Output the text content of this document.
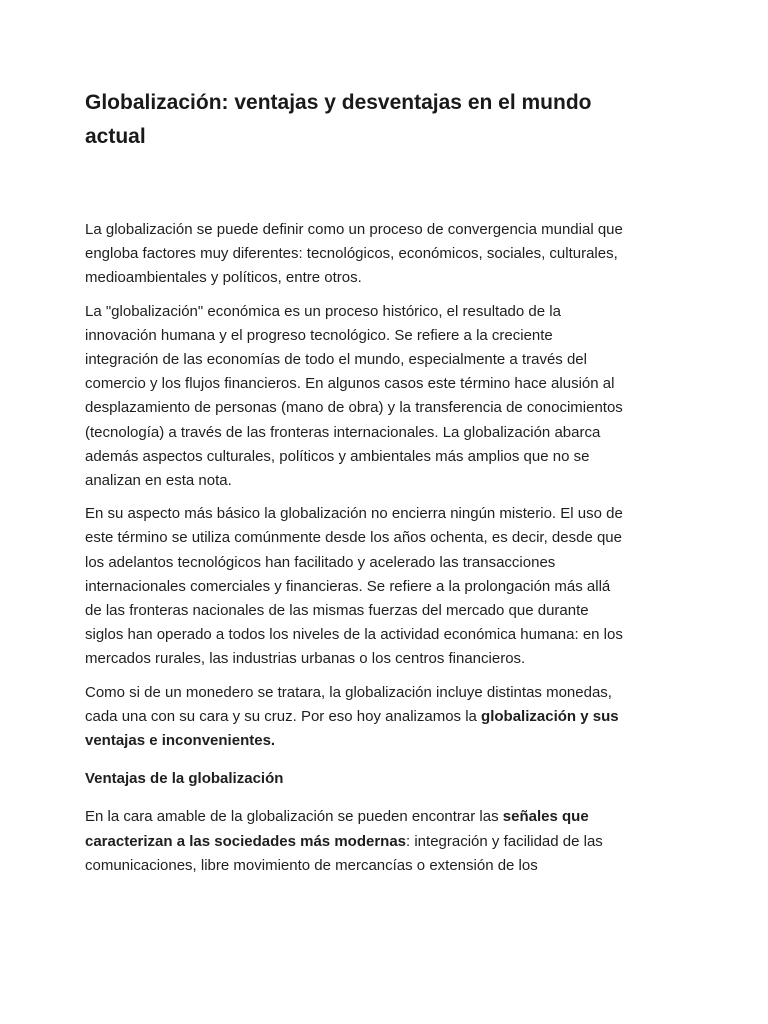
Globalización: ventajas y desventajas en el mundo actual

La globalización se puede definir como un proceso de convergencia mundial que engloba factores muy diferentes: tecnológicos, económicos, sociales, culturales, medioambientales y políticos, entre otros.

La "globalización" económica es un proceso histórico, el resultado de la innovación humana y el progreso tecnológico. Se refiere a la creciente integración de las economías de todo el mundo, especialmente a través del comercio y los flujos financieros. En algunos casos este término hace alusión al desplazamiento de personas (mano de obra) y la transferencia de conocimientos (tecnología) a través de las fronteras internacionales. La globalización abarca además aspectos culturales, políticos y ambientales más amplios que no se analizan en esta nota.

En su aspecto más básico la globalización no encierra ningún misterio. El uso de este término se utiliza comúnmente desde los años ochenta, es decir, desde que los adelantos tecnológicos han facilitado y acelerado las transacciones internacionales comerciales y financieras. Se refiere a la prolongación más allá de las fronteras nacionales de las mismas fuerzas del mercado que durante siglos han operado a todos los niveles de la actividad económica humana: en los mercados rurales, las industrias urbanas o los centros financieros.

Como si de un monedero se tratara, la globalización incluye distintas monedas, cada una con su cara y su cruz. Por eso hoy analizamos la globalización y sus ventajas e inconvenientes.

Ventajas de la globalización

En la cara amable de la globalización se pueden encontrar las señales que caracterizan a las sociedades más modernas: integración y facilidad de las comunicaciones, libre movimiento de mercancías o extensión de los
